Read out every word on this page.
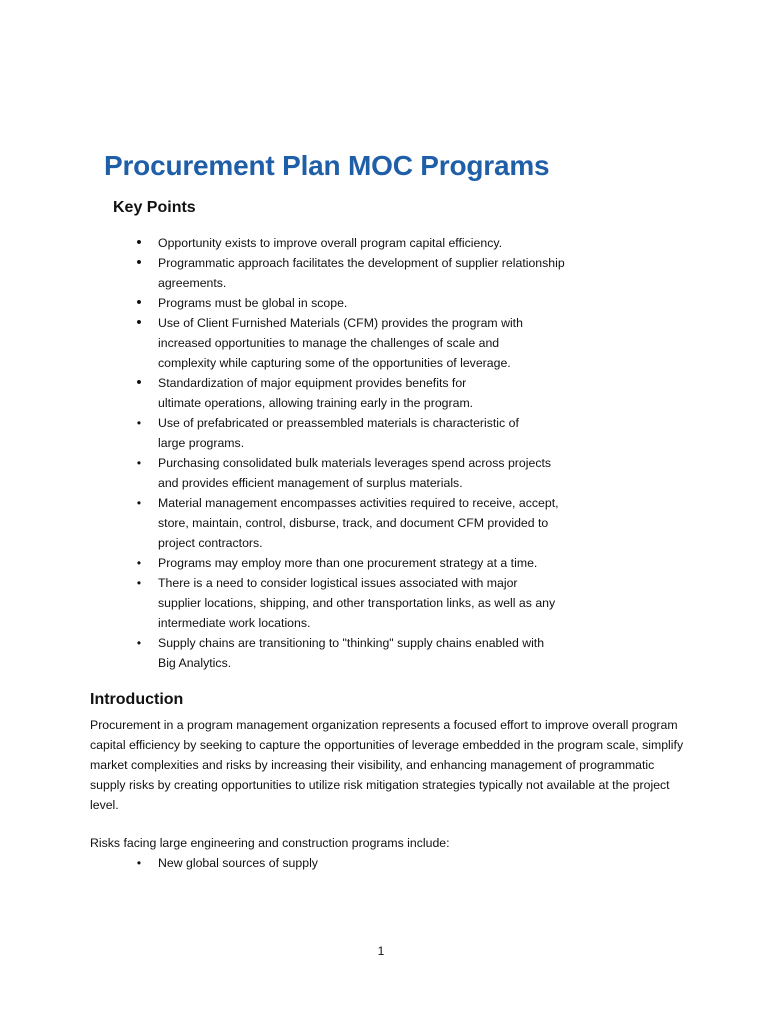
Procurement Plan MOC Programs
Key Points
• Opportunity exists to improve overall program capital efficiency.
• Programmatic approach facilitates the development of supplier relationship
agreements.
• Programs must be global in scope.
• Use of Client Furnished Materials (CFM) provides the program with
increased opportunities to manage the challenges of scale and
complexity while capturing some of the opportunities of leverage.
• Standardization of major equipment provides benefits for
ultimate operations, allowing training early in the program.
• Use of prefabricated or preassembled materials is characteristic of
large programs.
• Purchasing consolidated bulk materials leverages spend across projects
and provides efficient management of surplus materials.
• Material management encompasses activities required to receive, accept,
store, maintain, control, disburse, track, and document CFM provided to
project contractors.
• Programs may employ more than one procurement strategy at a time.
• There is a need to consider logistical issues associated with major
supplier locations, shipping, and other transportation links, as well as any
intermediate work locations.
• Supply chains are transitioning to "thinking" supply chains enabled with
Big Analytics.
Introduction

Procurement in a program management organization represents a focused effort to improve overall program capital efficiency by seeking to capture the opportunities of leverage embedded in the program scale, simplify market complexities and risks by increasing their visibility, and enhancing management of programmatic supply risks by creating opportunities to utilize risk mitigation strategies typically not available at the project level.

Risks facing large engineering and construction programs include:

• New global sources of supply

1
